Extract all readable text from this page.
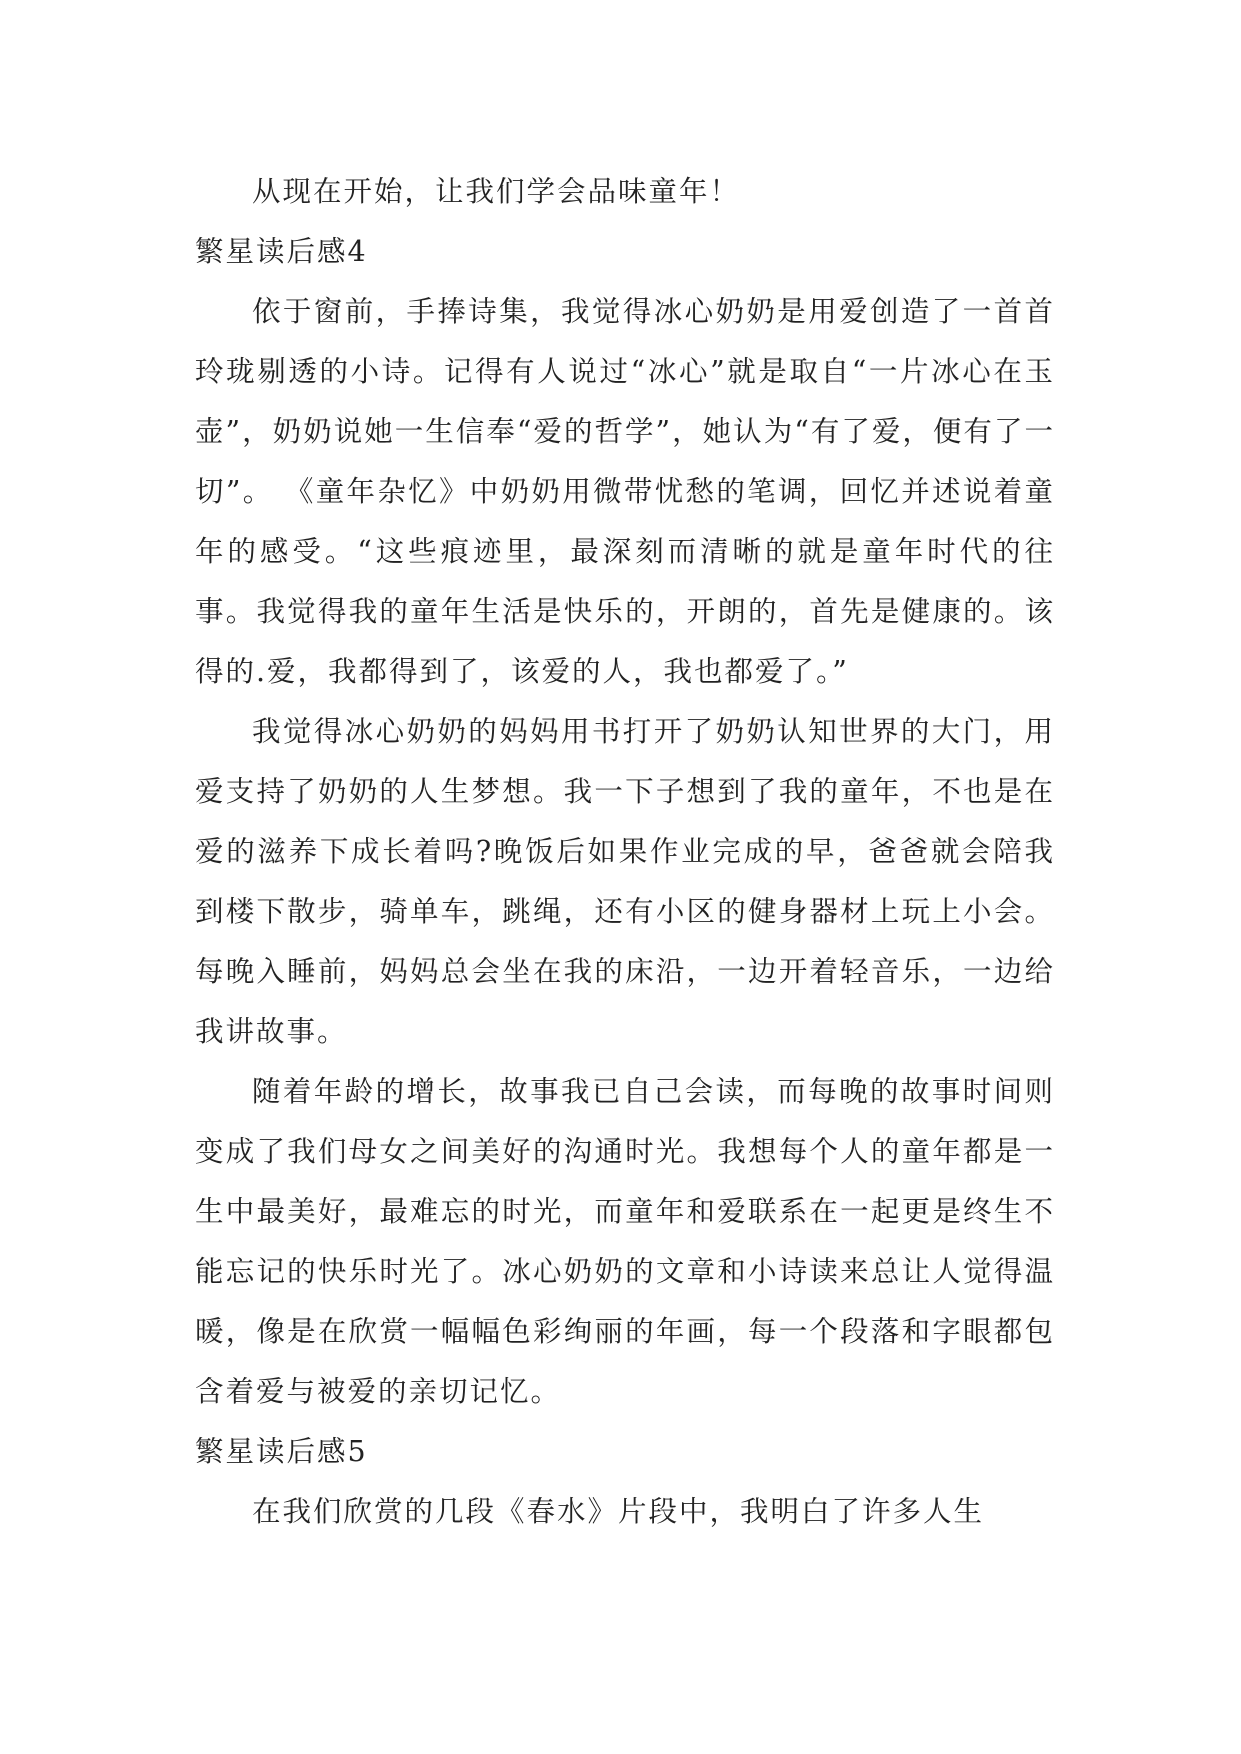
从现在开始，让我们学会品味童年！

繁星读后感4

依于窗前，手捧诗集，我觉得冰心奶奶是用爱创造了一首首玲珑剔透的小诗。记得有人说过“冰心”就是取自“一片冰心在玉壶”，奶奶说她一生信奉“爱的哲学”，她认为“有了爱，便有了一切”。 《童年杂忆》中奶奶用微带忧愁的笔调，回忆并述说着童年的感受。“这些痕迹里，最深刻而清晰的就是童年时代的往事。我觉得我的童年生活是快乐的，开朗的，首先是健康的。该得的.爱，我都得到了，该爱的人，我也都爱了。”

我觉得冰心奶奶的妈妈用书打开了奶奶认知世界的大门，用爱支持了奶奶的人生梦想。我一下子想到了我的童年，不也是在爱的滋养下成长着吗?晚饭后如果作业完成的早，爸爸就会陪我到楼下散步，骑单车，跳绳，还有小区的健身器材上玩上小会。每晚入睡前，妈妈总会坐在我的床沿，一边开着轻音乐，一边给我讲故事。

随着年龄的增长，故事我已自己会读，而每晚的故事时间则变成了我们母女之间美好的沟通时光。我想每个人的童年都是一生中最美好，最难忘的时光，而童年和爱联系在一起更是终生不能忘记的快乐时光了。冰心奶奶的文章和小诗读来总让人觉得温暖，像是在欣赏一幅幅色彩绚丽的年画，每一个段落和字眼都包含着爱与被爱的亲切记忆。

繁星读后感5

在我们欣赏的几段《春水》片段中，我明白了许多人生
